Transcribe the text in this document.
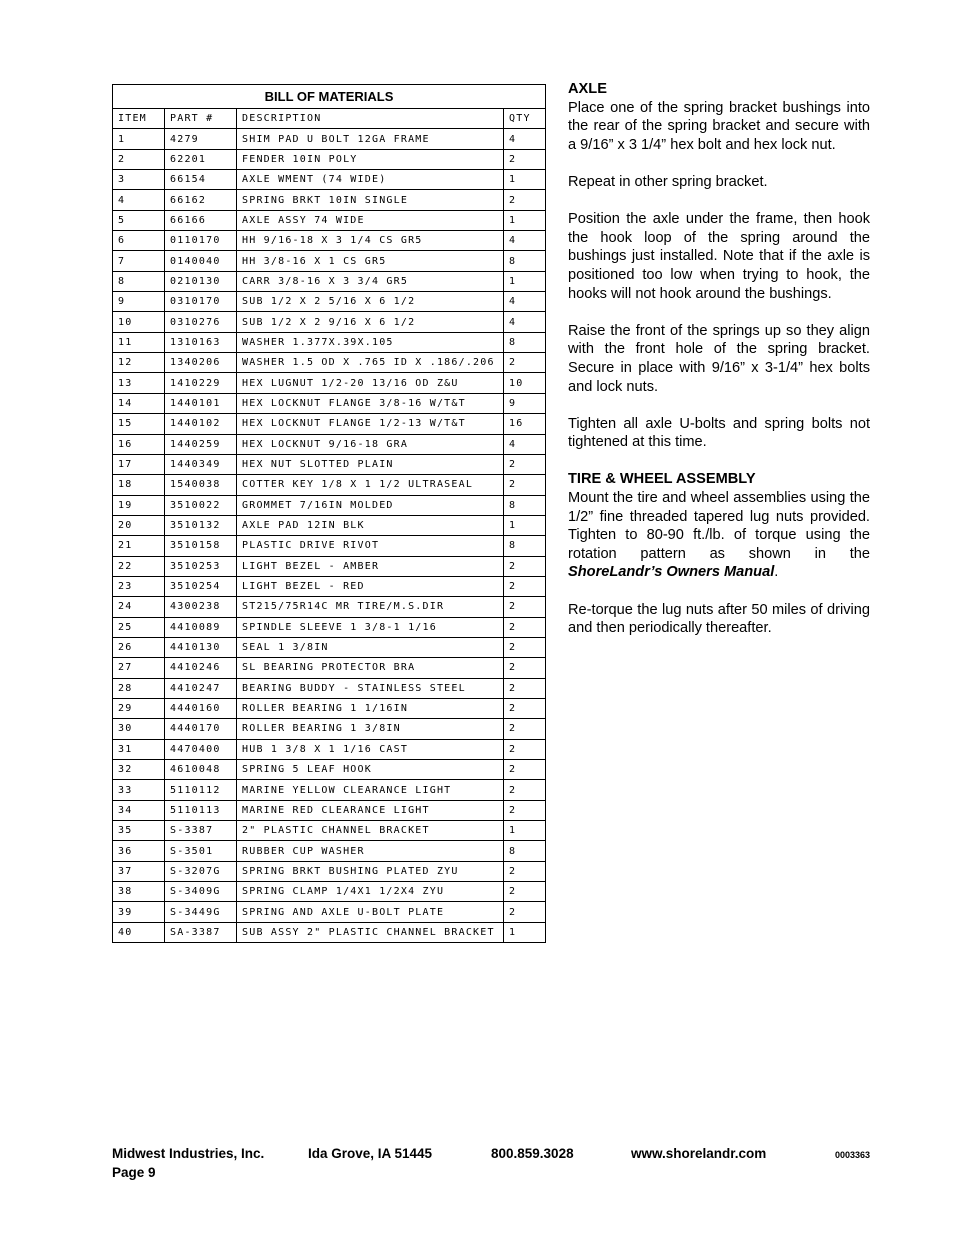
BILL OF MATERIALS			
ITEM	PART #	DESCRIPTION	QTY
1	4279	SHIM PAD U BOLT 12GA FRAME	4
2	62201	FENDER 10IN POLY	2
3	66154	AXLE WMENT (74 WIDE)	1
4	66162	SPRING BRKT 10IN SINGLE	2
5	66166	AXLE ASSY 74 WIDE	1
6	0110170	HH 9/16-18 X 3 1/4 CS GR5	4
7	0140040	HH 3/8-16 X 1 CS GR5	8
8	0210130	CARR 3/8-16 X 3 3/4 GR5	1
9	0310170	SUB 1/2 X 2 5/16 X 6 1/2	4
10	0310276	SUB 1/2 X 2 9/16 X 6 1/2	4
11	1310163	WASHER 1.377X.39X.105	8
12	1340206	WASHER 1.5 OD X .765 ID X .186/.206	2
13	1410229	HEX LUGNUT 1/2-20 13/16 OD Z&U	10
14	1440101	HEX LOCKNUT FLANGE 3/8-16 W/T&T	9
15	1440102	HEX LOCKNUT FLANGE 1/2-13 W/T&T	16
16	1440259	HEX LOCKNUT 9/16-18 GRA	4
17	1440349	HEX NUT SLOTTED PLAIN	2
18	1540038	COTTER KEY 1/8 X 1 1/2 ULTRASEAL	2
19	3510022	GROMMET 7/16IN MOLDED	8
20	3510132	AXLE PAD 12IN BLK	1
21	3510158	PLASTIC DRIVE RIVOT	8
22	3510253	LIGHT BEZEL - AMBER	2
23	3510254	LIGHT BEZEL - RED	2
24	4300238	ST215/75R14C MR TIRE/M.S.DIR	2
25	4410089	SPINDLE SLEEVE 1 3/8-1 1/16	2
26	4410130	SEAL 1 3/8IN	2
27	4410246	SL BEARING PROTECTOR BRA	2
28	4410247	BEARING BUDDY - STAINLESS STEEL	2
29	4440160	ROLLER BEARING 1 1/16IN	2
30	4440170	ROLLER BEARING 1 3/8IN	2
31	4470400	HUB 1 3/8 X 1 1/16 CAST	2
32	4610048	SPRING 5 LEAF HOOK	2
33	5110112	MARINE YELLOW CLEARANCE LIGHT	2
34	5110113	MARINE RED CLEARANCE LIGHT	2
35	S-3387	2" PLASTIC CHANNEL BRACKET	1
36	S-3501	RUBBER CUP WASHER	8
37	S-3207G	SPRING BRKT BUSHING PLATED ZYU	2
38	S-3409G	SPRING CLAMP 1/4X1 1/2X4 ZYU	2
39	S-3449G	SPRING AND AXLE U-BOLT PLATE	2
40	SA-3387	SUB ASSY 2" PLASTIC CHANNEL BRACKET	1
AXLE

Place one of the spring bracket bushings into the rear of the spring bracket and secure with a 9/16” x 3 1/4” hex bolt and hex lock nut.

Repeat in other spring bracket.

Position the axle under the frame, then hook the hook loop of the spring around the bushings just installed. Note that if the axle is positioned too low when trying to hook, the hooks will not hook around the bushings.

Raise the front of the springs up so they align with the front hole of the spring bracket. Secure in place with 9/16” x 3-1/4” hex bolts and lock nuts.

Tighten all axle U-bolts and spring bolts not tightened at this time.

TIRE & WHEEL ASSEMBLY

Mount the tire and wheel assemblies using the 1/2” fine threaded tapered lug nuts provided. Tighten to 80-90 ft./lb. of torque using the rotation pattern as shown in the ShoreLandr’s Owners Manual.

Re-torque the lug nuts after 50 miles of driving and then periodically thereafter.

Midwest Industries, Inc.	Ida Grove, IA 51445	800.859.3028	www.shorelandr.com	0003363
Page 9
